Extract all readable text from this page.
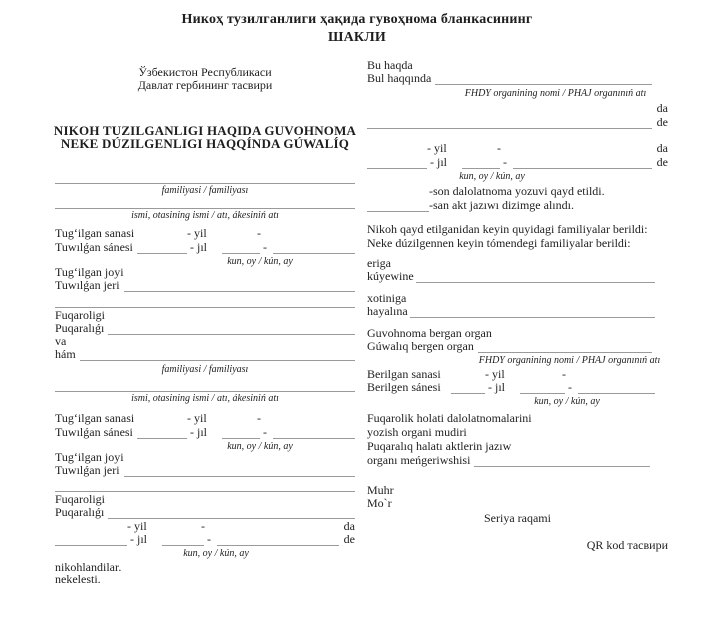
Никоҳ тузилганлиги ҳақида гувоҳнома бланкасининг
ШАКЛИ
Ўзбекистон Республикаси
Давлат гербининг тасвири
NIKOH TUZILGANLIGI HAQIDA GUVOHNOMA
NEKE DÚZILGENLIGI HAQQÍNDA GÚWALÍQ
familiyasi / familiyası
ismi, otasining ismi / atı, ákesiniń atı
Tugʻilgan sanasi	- yil	-
Tuwılǵan sánesi	- jıl	-
kun, oy / kún, ay
Tugʻilgan joyi
Tuwılǵan jeri
Fuqaroligi
Puqaralıǵı
va
hám
familiyasi / familiyası
ismi, otasining ismi / atı, ákesiniń atı
Tugʻilgan sanasi	- yil	-
Tuwılǵan sánesi	- jıl	-
kun, oy / kún, ay
Tugʻilgan joyi
Tuwılǵan jeri
Fuqaroligi
Puqaralıǵı
- yil	-	da
- jıl	-	de
kun, oy / kún, ay
nikohlandilar.
nekelesti.
Bu haqda
Bul haqqında
FHDY organining nomi / PHAJ organınıń atı
da
de
- yil	-	da
- jıl	-	de
kun, oy / kún, ay
-son dalolatnoma yozuvi qayd etildi.
-san akt jazıwı dizimge alındı.
Nikoh qayd etilganidan keyin quyidagi familiyalar berildi:
Neke dúzilgennen keyin tómendegi familiyalar berildi:
eriga
kúyewine
xotiniga
hayalına
Guvohnoma bergan organ
Gúwalıq bergen organ
FHDY organining nomi / PHAJ organınıń atı
Berilgan sanasi	- yil	-
Berilgen sánesi	- jıl	-
kun, oy / kún, ay
Fuqarolik holati dalolatnomalarini
yozish organi mudiri
Puqaralıq halatı aktlerin jazıw
organı meńgeriwshisi
Muhr
Mo`r
Seriya raqami
QR kod тасвири
